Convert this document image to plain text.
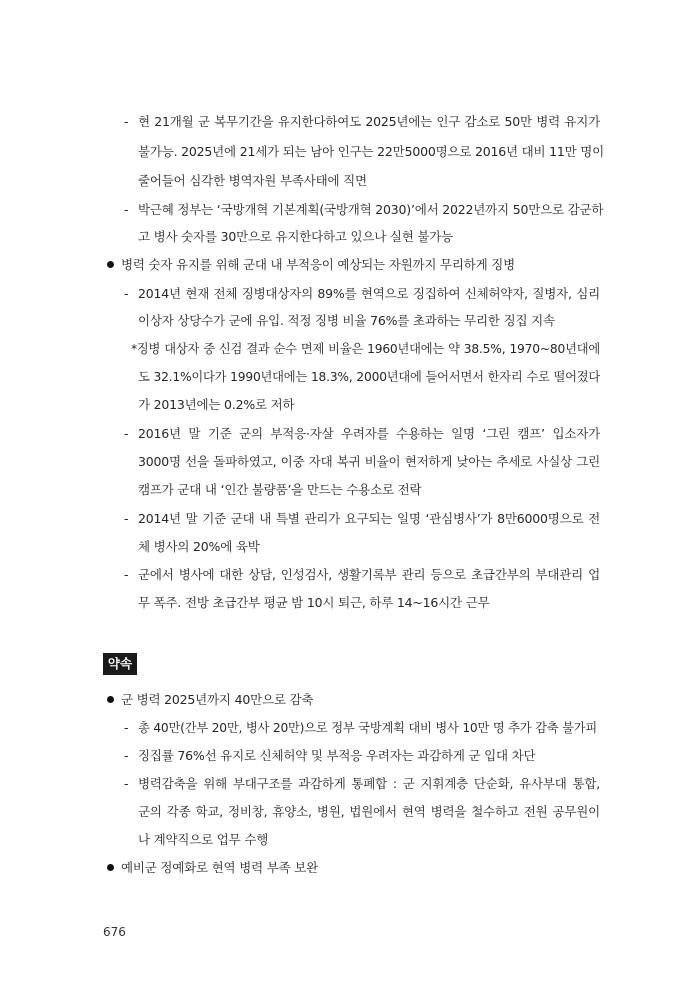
- 현 21개월 군 복무기간을 유지한다하여도 2025년에는 인구 감소로 50만 병력 유지가
불가능. 2025년에 21세가 되는 남아 인구는 22만5000명으로 2016년 대비 11만 명이
줄어들어 심각한 병역자원 부족사태에 직면
- 박근혜 정부는 ‘국방개혁 기본계획(국방개혁 2030)’에서 2022년까지 50만으로 감군하
고 병사 숫자를 30만으로 유지한다하고 있으나 실현 불가능
병력 숫자 유지를 위해 군대 내 부적응이 예상되는 자원까지 무리하게 징병
- 2014년 현재 전체 징병대상자의 89%를 현역으로 징집하여 신체허약자, 질병자, 심리
이상자 상당수가 군에 유입. 적정 징병 비율 76%를 초과하는 무리한 징집 지속
*징병 대상자 중 신검 결과 순수 면제 비율은 1960년대에는 약 38.5%, 1970~80년대에
도 32.1%이다가 1990년대에는 18.3%, 2000년대에 들어서면서 한자리 수로 떨어졌다
가 2013년에는 0.2%로 저하
- 2016년 말 기준 군의 부적응·자살 우려자를 수용하는 일명 ‘그린 캠프’ 입소자가
3000명 선을 돌파하였고, 이중 자대 복귀 비율이 현저하게 낮아는 추세로 사실상 그린
캠프가 군대 내 ‘인간 불량품’을 만드는 수용소로 전락
- 2014년 말 기준 군대 내 특별 관리가 요구되는 일명 ‘관심병사’가 8만6000명으로 전
체 병사의 20%에 육박
- 군에서 병사에 대한 상담, 인성검사, 생활기록부 관리 등으로 초급간부의 부대관리 업
무 폭주. 전방 초급간부 평균 밤 10시 퇴근, 하루 14~16시간 근무
약속
군 병력 2025년까지 40만으로 감축
- 총 40만(간부 20만, 병사 20만)으로 정부 국방계획 대비 병사 10만 명 추가 감축 불가피
- 징집률 76%선 유지로 신체허약 및 부적응 우려자는 과감하게 군 입대 차단
- 병력감축을 위해 부대구조를 과감하게 통폐합 : 군 지휘계층 단순화, 유사부대 통합,
군의 각종 학교, 정비창, 휴양소, 병원, 법원에서 현역 병력을 철수하고 전원 공무원이
나 계약직으로 업무 수행
예비군 정예화로 현역 병력 부족 보완
676
